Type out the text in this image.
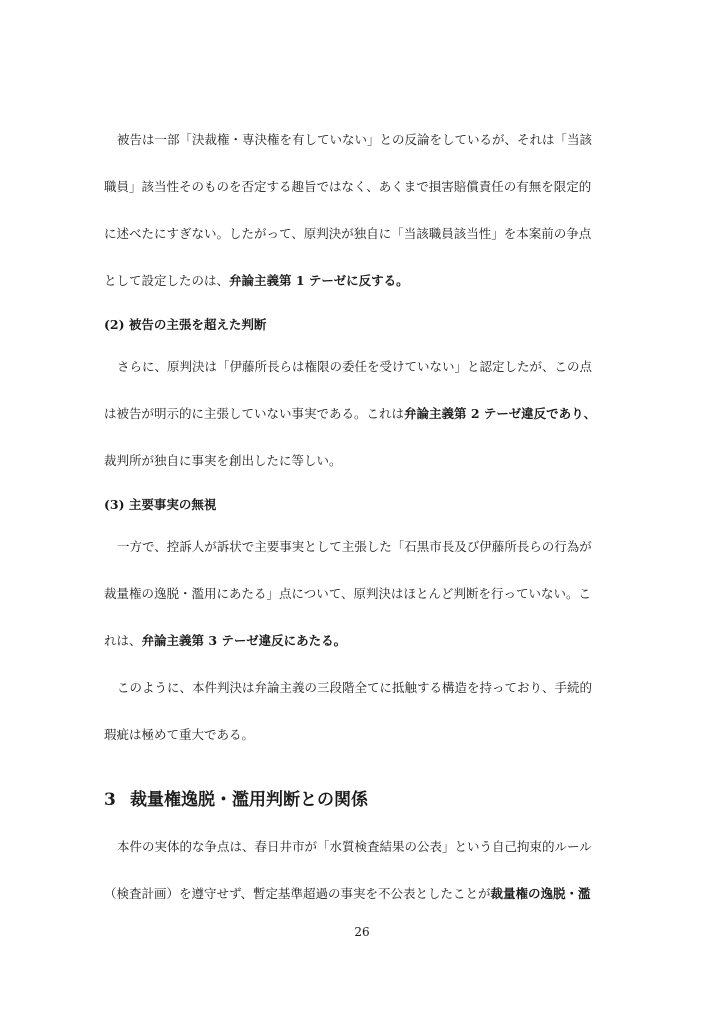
被告は一部「決裁権・専決権を有していない」との反論をしているが、それは「当該
職員」該当性そのものを否定する趣旨ではなく、あくまで損害賠償責任の有無を限定的
に述べたにすぎない。したがって、原判決が独自に「当該職員該当性」を本案前の争点
として設定したのは、弁論主義第 1 テーゼに反する。
(2) 被告の主張を超えた判断
さらに、原判決は「伊藤所長らは権限の委任を受けていない」と認定したが、この点
は被告が明示的に主張していない事実である。これは弁論主義第 2 テーゼ違反であり、
裁判所が独自に事実を創出したに等しい。
(3) 主要事実の無視
一方で、控訴人が訴状で主要事実として主張した「石黒市長及び伊藤所長らの行為が
裁量権の逸脱・濫用にあたる」点について、原判決はほとんど判断を行っていない。こ
れは、弁論主義第 3 テーゼ違反にあたる。
このように、本件判決は弁論主義の三段階全てに抵触する構造を持っており、手続的
瑕疵は極めて重大である。
3 裁量権逸脱・濫用判断との関係
本件の実体的な争点は、春日井市が「水質検査結果の公表」という自己拘束的ルール
（検査計画）を遵守せず、暫定基準超過の事実を不公表としたことが裁量権の逸脱・濫
26
